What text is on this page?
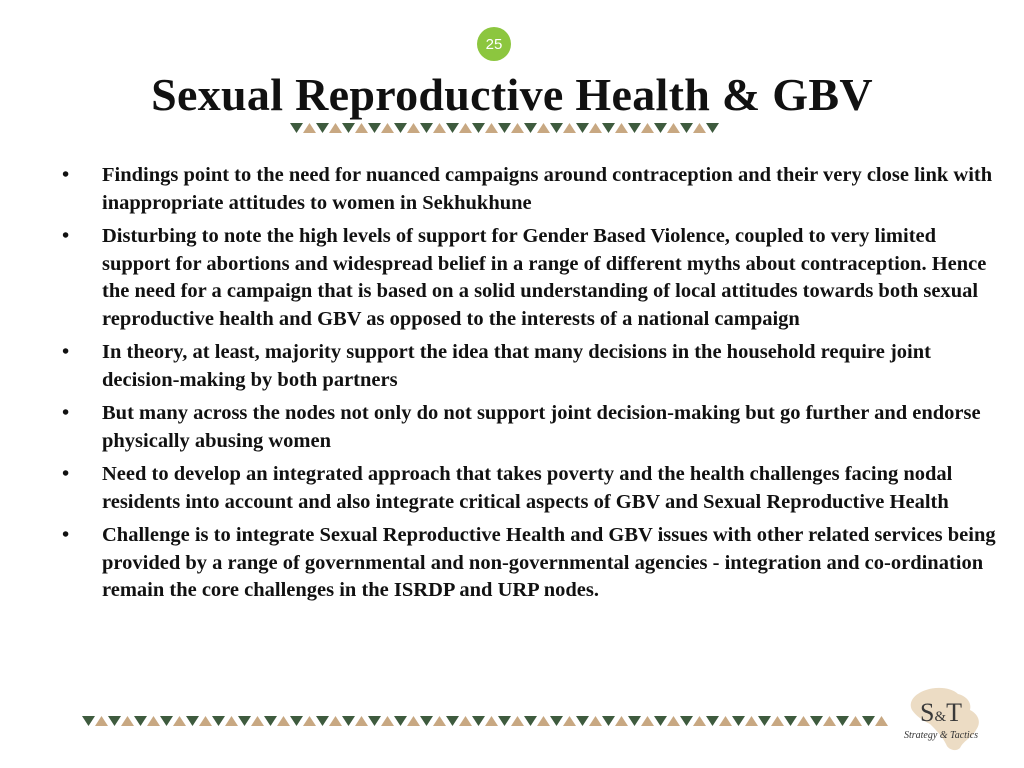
25
Sexual Reproductive Health & GBV
• Findings point to the need for nuanced campaigns around contraception and their very close link with inappropriate attitudes to women in Sekhukhune
• Disturbing to note the high levels of support for Gender Based Violence, coupled to very limited support for abortions and widespread belief in a range of different myths about contraception. Hence the need for a campaign that is based on a solid understanding of local attitudes towards both sexual reproductive health and GBV as opposed to the interests of a national campaign
• In theory, at least, majority support the idea that many decisions in the household require joint decision-making by both partners
• But many across the nodes not only do not support joint decision-making but go further and endorse physically abusing women
• Need to develop an integrated approach that takes poverty and the health challenges facing nodal residents into account and also integrate critical aspects of GBV and Sexual Reproductive Health
• Challenge is to integrate Sexual Reproductive Health and GBV issues with other related services being provided by a range of governmental and non-governmental agencies - integration and co-ordination remain the core challenges in the ISRDP and URP nodes.
S&T
Strategy & Tactics
